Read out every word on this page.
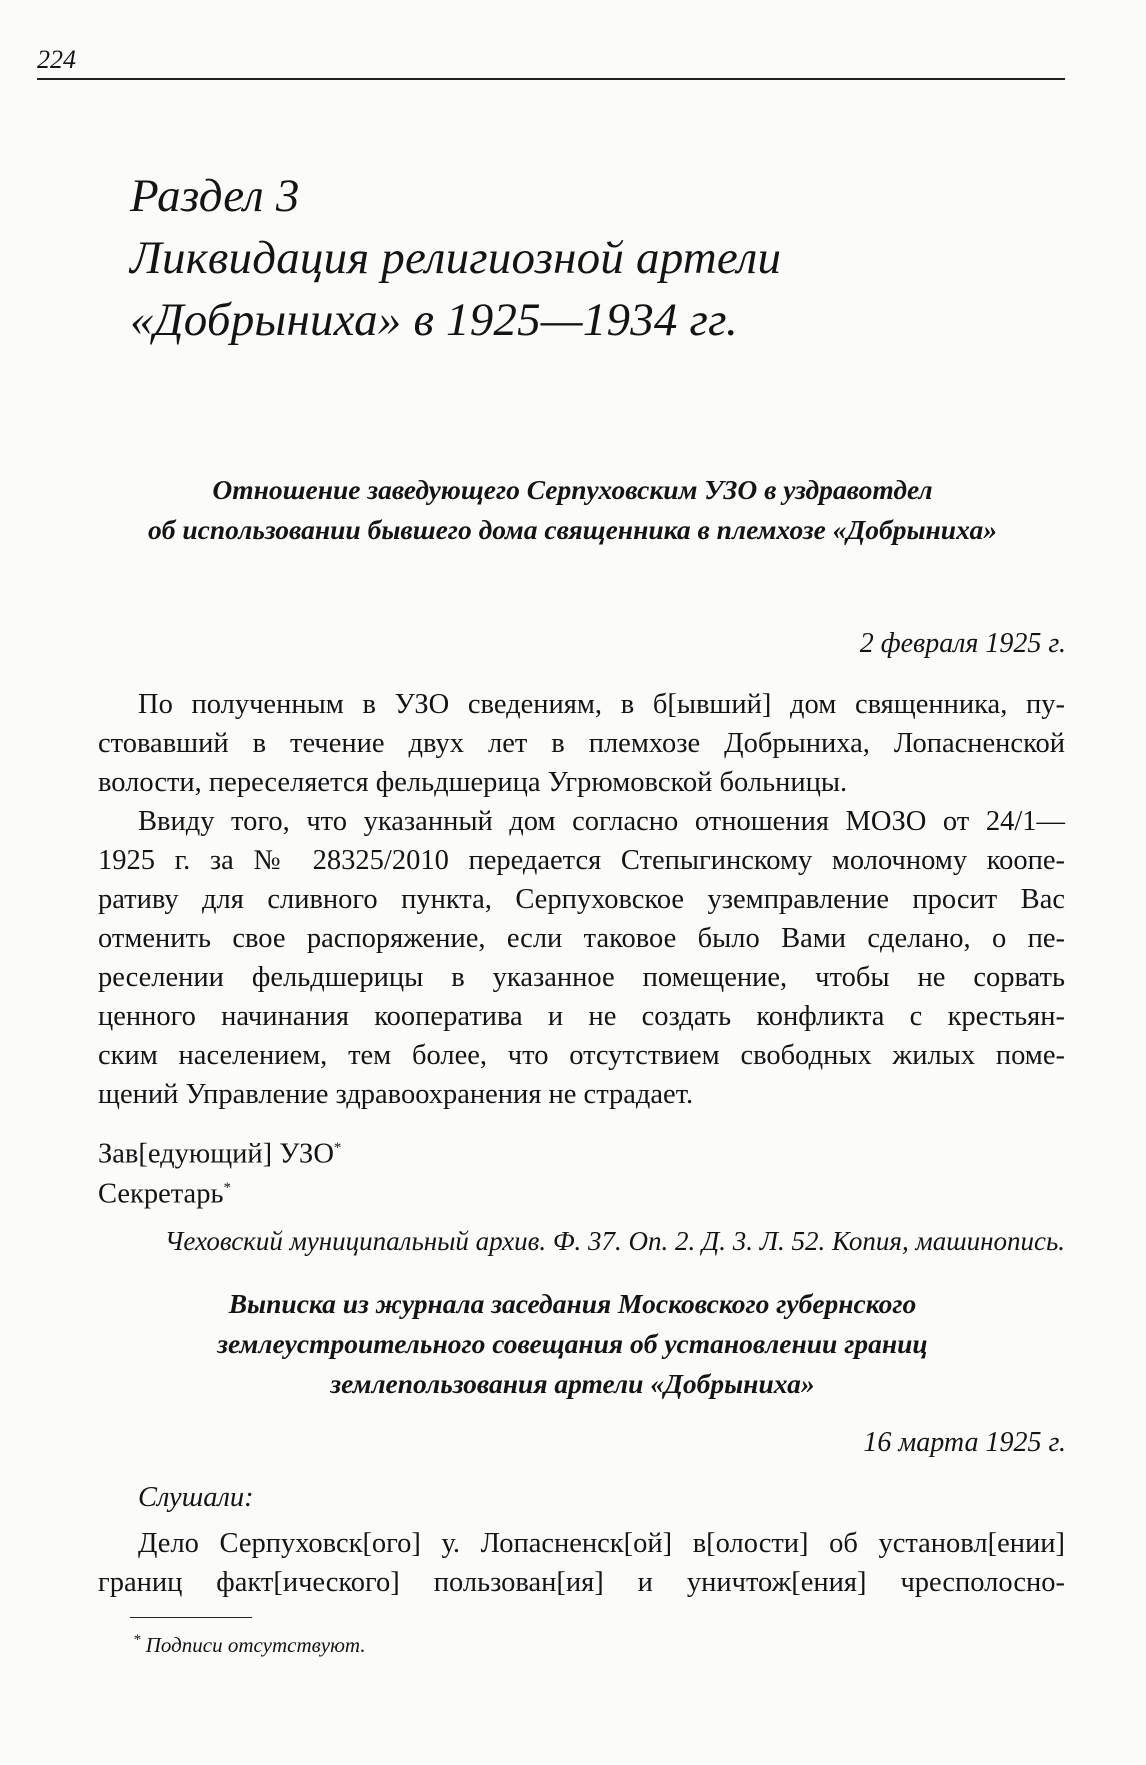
224
Раздел 3
Ликвидация религиозной артели
«Добрыниха» в 1925—1934 гг.
Отношение заведующего Серпуховским УЗО в уздравотдел
об использовании бывшего дома священника в племхозе «Добрыниха»
2 февраля 1925 г.
По полученным в УЗО сведениям, в б[ывший] дом священника, пу-
стовавший в течение двух лет в племхозе Добрыниха, Лопасненской
волости, переселяется фельдшерица Угрюмовской больницы.
Ввиду того, что указанный дом согласно отношения МОЗО от 24/1—
1925 г. за № 28325/2010 передается Степыгинскому молочному коопе-
ративу для сливного пункта, Серпуховское уземправление просит Вас
отменить свое распоряжение, если таковое было Вами сделано, о пе-
реселении фельдшерицы в указанное помещение, чтобы не сорвать
ценного начинания кооператива и не создать конфликта с крестьян-
ским населением, тем более, что отсутствием свободных жилых поме-
щений Управление здравоохранения не страдает.
Зав[едующий] УЗО*
Секретарь*
Чеховский муниципальный архив. Ф. 37. Оп. 2. Д. 3. Л. 52. Копия, машинопись.
Выписка из журнала заседания Московского губернского
землеустроительного совещания об установлении границ
землепользования артели «Добрыниха»
16 марта 1925 г.
Слушали:
Дело Серпуховск[ого] у. Лопасненск[ой] в[олости] об установл[ении]
границ факт[ического] пользован[ия] и уничтож[ения] чресполосно-
* Подписи отсутствуют.
